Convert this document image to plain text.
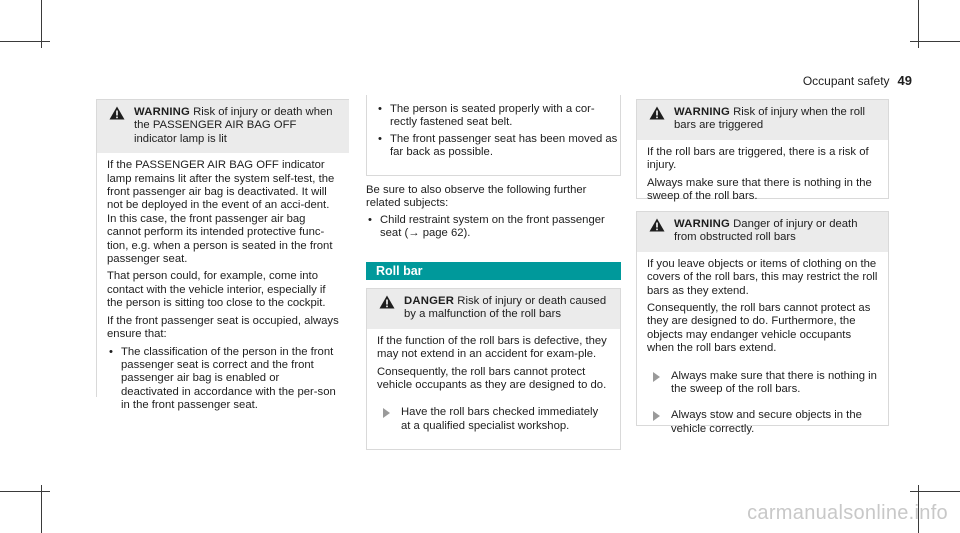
Occupant safety 49
WARNING Risk of injury or death when the PASSENGER AIR BAG OFF indicator lamp is lit

If the PASSENGER AIR BAG OFF indicator lamp remains lit after the system self-test, the front passenger air bag is deactivated. It will not be deployed in the event of an acci-dent. In this case, the front passenger air bag cannot perform its intended protective func-tion, e.g. when a person is seated in the front passenger seat.

That person could, for example, come into contact with the vehicle interior, especially if the person is sitting too close to the cockpit.

If the front passenger seat is occupied, always ensure that:

• The classification of the person in the front passenger seat is correct and the front passenger air bag is enabled or deactivated in accordance with the per-son in the front passenger seat.
• The person is seated properly with a cor-rectly fastened seat belt.
• The front passenger seat has been moved as far back as possible.

Be sure to also observe the following further related subjects:

• Child restraint system on the front passenger seat (→ page 62).
Roll bar
DANGER Risk of injury or death caused by a malfunction of the roll bars

If the function of the roll bars is defective, they may not extend in an accident for exam-ple.

Consequently, the roll bars cannot protect vehicle occupants as they are designed to do.

Have the roll bars checked immediately at a qualified specialist workshop.
WARNING Risk of injury when the roll bars are triggered

If the roll bars are triggered, there is a risk of injury.

Always make sure that there is nothing in the sweep of the roll bars.

WARNING Danger of injury or death from obstructed roll bars

If you leave objects or items of clothing on the covers of the roll bars, this may restrict the roll bars as they extend.

Consequently, the roll bars cannot protect as they are designed to do. Furthermore, the objects may endanger vehicle occupants when the roll bars extend.

Always make sure that there is nothing in the sweep of the roll bars.
Always stow and secure objects in the vehicle correctly.
carmanualsonline.info
